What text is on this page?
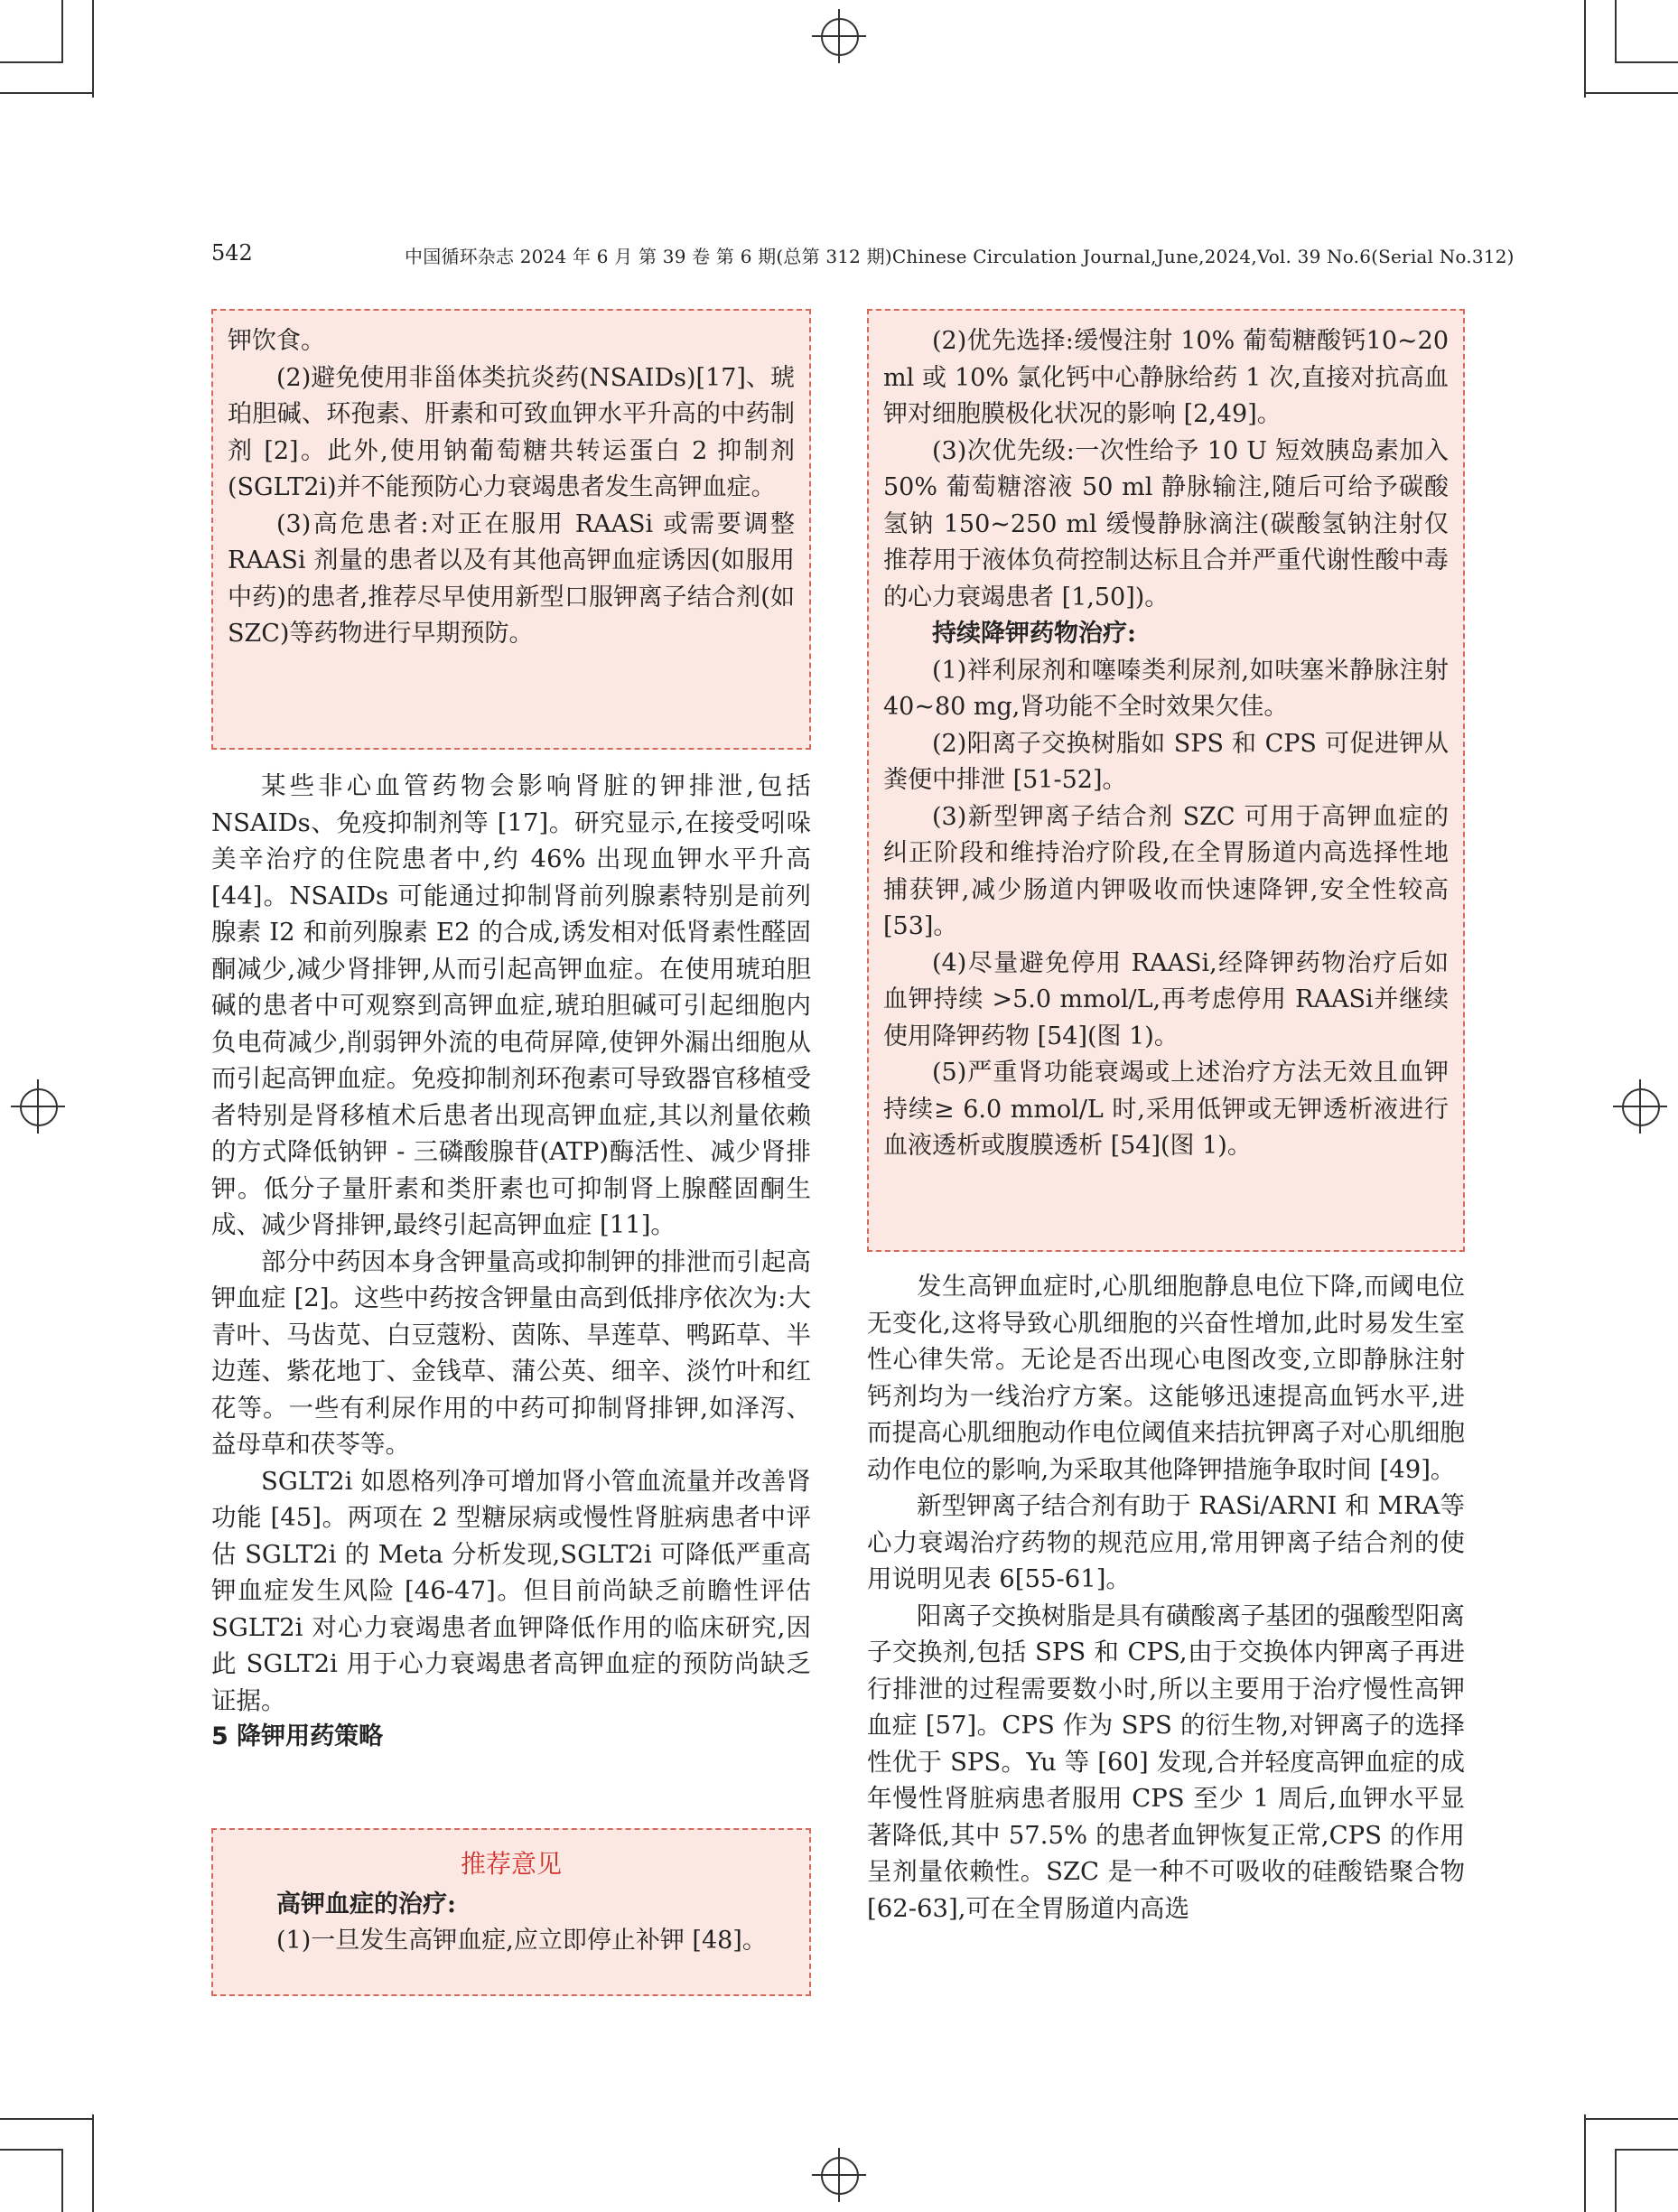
542	中国循环杂志 2024 年 6 月 第 39 卷 第 6 期(总第 312 期)Chinese Circulation Journal,June,2024,Vol. 39 No.6(Serial No.312)

钾饮食。

(2)避免使用非甾体类抗炎药(NSAIDs)[17]、琥珀胆碱、环孢素、肝素和可致血钾水平升高的中药制剂 [2]。此外,使用钠葡萄糖共转运蛋白 2 抑制剂(SGLT2i)并不能预防心力衰竭患者发生高钾血症。

(3)高危患者:对正在服用 RAASi 或需要调整RAASi 剂量的患者以及有其他高钾血症诱因(如服用中药)的患者,推荐尽早使用新型口服钾离子结合剂(如 SZC)等药物进行早期预防。

某些非心血管药物会影响肾脏的钾排泄,包括NSAIDs、免疫抑制剂等 [17]。研究显示,在接受吲哚美辛治疗的住院患者中,约 46% 出现血钾水平升高 [44]。NSAIDs 可能通过抑制肾前列腺素特别是前列腺素 I2 和前列腺素 E2 的合成,诱发相对低肾素性醛固酮减少,减少肾排钾,从而引起高钾血症。在使用琥珀胆碱的患者中可观察到高钾血症,琥珀胆碱可引起细胞内负电荷减少,削弱钾外流的电荷屏障,使钾外漏出细胞从而引起高钾血症。免疫抑制剂环孢素可导致器官移植受者特别是肾移植术后患者出现高钾血症,其以剂量依赖的方式降低钠钾 - 三磷酸腺苷(ATP)酶活性、减少肾排钾。低分子量肝素和类肝素也可抑制肾上腺醛固酮生成、减少肾排钾,最终引起高钾血症 [11]。

部分中药因本身含钾量高或抑制钾的排泄而引起高钾血症 [2]。这些中药按含钾量由高到低排序依次为:大青叶、马齿苋、白豆蔻粉、茵陈、旱莲草、鸭跖草、半边莲、紫花地丁、金钱草、蒲公英、细辛、淡竹叶和红花等。一些有利尿作用的中药可抑制肾排钾,如泽泻、益母草和茯苓等。

SGLT2i 如恩格列净可增加肾小管血流量并改善肾功能 [45]。两项在 2 型糖尿病或慢性肾脏病患者中评估 SGLT2i 的 Meta 分析发现,SGLT2i 可降低严重高钾血症发生风险 [46-47]。但目前尚缺乏前瞻性评估SGLT2i 对心力衰竭患者血钾降低作用的临床研究,因此 SGLT2i 用于心力衰竭患者高钾血症的预防尚缺乏证据。

5 降钾用药策略

推荐意见

高钾血症的治疗:

(1)一旦发生高钾血症,应立即停止补钾 [48]。

(2)优先选择:缓慢注射 10% 葡萄糖酸钙10~20 ml 或 10% 氯化钙中心静脉给药 1 次,直接对抗高血钾对细胞膜极化状况的影响 [2,49]。

(3)次优先级:一次性给予 10 U 短效胰岛素加入 50% 葡萄糖溶液 50 ml 静脉输注,随后可给予碳酸氢钠 150~250 ml 缓慢静脉滴注(碳酸氢钠注射仅推荐用于液体负荷控制达标且合并严重代谢性酸中毒的心力衰竭患者 [1,50])。

持续降钾药物治疗:

(1)袢利尿剂和噻嗪类利尿剂,如呋塞米静脉注射 40~80 mg,肾功能不全时效果欠佳。

(2)阳离子交换树脂如 SPS 和 CPS 可促进钾从粪便中排泄 [51-52]。

(3)新型钾离子结合剂 SZC 可用于高钾血症的纠正阶段和维持治疗阶段,在全胃肠道内高选择性地捕获钾,减少肠道内钾吸收而快速降钾,安全性较高 [53]。

(4)尽量避免停用 RAASi,经降钾药物治疗后如血钾持续 >5.0 mmol/L,再考虑停用 RAASi并继续使用降钾药物 [54](图 1)。

(5)严重肾功能衰竭或上述治疗方法无效且血钾持续≥ 6.0 mmol/L 时,采用低钾或无钾透析液进行血液透析或腹膜透析 [54](图 1)。

发生高钾血症时,心肌细胞静息电位下降,而阈电位无变化,这将导致心肌细胞的兴奋性增加,此时易发生室性心律失常。无论是否出现心电图改变,立即静脉注射钙剂均为一线治疗方案。这能够迅速提高血钙水平,进而提高心肌细胞动作电位阈值来拮抗钾离子对心肌细胞动作电位的影响,为采取其他降钾措施争取时间 [49]。

新型钾离子结合剂有助于 RASi/ARNI 和 MRA等心力衰竭治疗药物的规范应用,常用钾离子结合剂的使用说明见表 6[55-61]。

阳离子交换树脂是具有磺酸离子基团的强酸型阳离子交换剂,包括 SPS 和 CPS,由于交换体内钾离子再进行排泄的过程需要数小时,所以主要用于治疗慢性高钾血症 [57]。CPS 作为 SPS 的衍生物,对钾离子的选择性优于 SPS。Yu 等 [60] 发现,合并轻度高钾血症的成年慢性肾脏病患者服用 CPS 至少 1 周后,血钾水平显著降低,其中 57.5% 的患者血钾恢复正常,CPS 的作用呈剂量依赖性。SZC 是一种不可吸收的硅酸锆聚合物 [62-63],可在全胃肠道内高选
